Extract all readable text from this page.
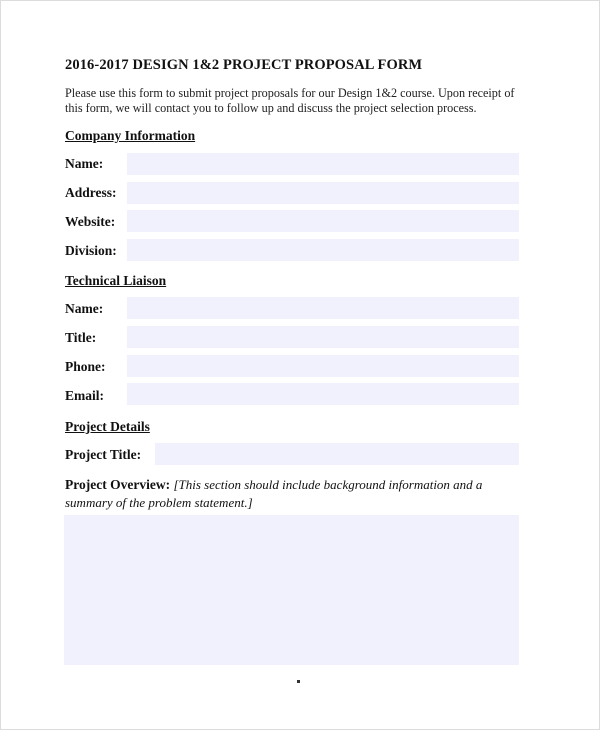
2016-2017 DESIGN 1&2 PROJECT PROPOSAL FORM
Please use this form to submit project proposals for our Design 1&2 course. Upon receipt of this form, we will contact you to follow up and discuss the project selection process.
Company Information
Name:
Address:
Website:
Division:
Technical Liaison
Name:
Title:
Phone:
Email:
Project Details
Project Title:
Project Overview: [This section should include background information and a summary of the problem statement.]
